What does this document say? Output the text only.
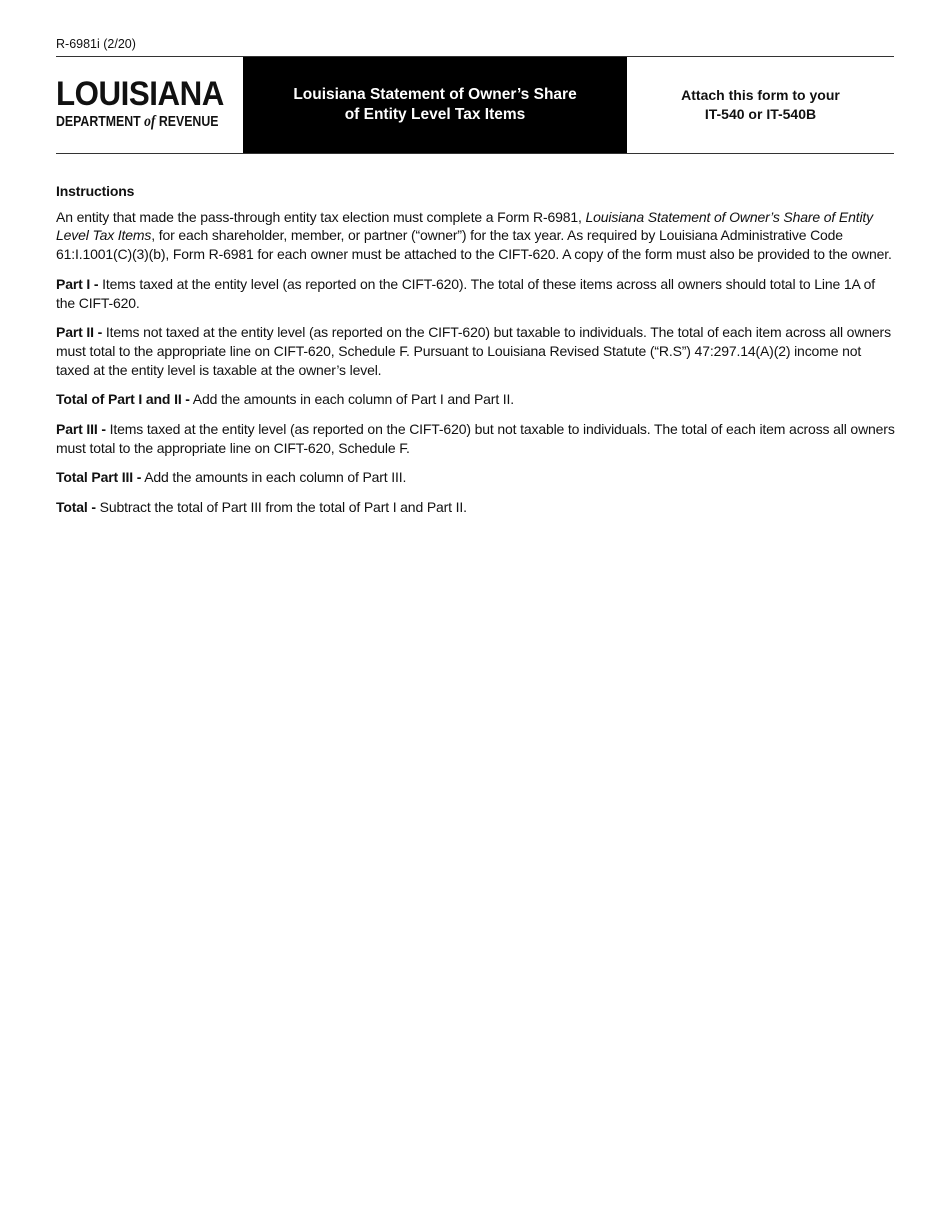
R-6981i (2/20)
LOUISIANA
DEPARTMENT of REVENUE
Louisiana Statement of Owner’s Share
of Entity Level Tax Items
Attach this form to your
IT-540 or IT-540B
Instructions

An entity that made the pass-through entity tax election must complete a Form R-6981, Louisiana Statement of Owner’s Share of Entity Level Tax Items, for each shareholder, member, or partner (“owner”) for the tax year. As required by Louisiana Administrative Code 61:I.1001(C)(3)(b), Form R-6981 for each owner must be attached to the CIFT-620. A copy of the form must also be provided to the owner.

Part I - Items taxed at the entity level (as reported on the CIFT-620). The total of these items across all owners should total to Line 1A of the CIFT-620.

Part II - Items not taxed at the entity level (as reported on the CIFT-620) but taxable to individuals. The total of each item across all owners must total to the appropriate line on CIFT-620, Schedule F. Pursuant to Louisiana Revised Statute (“R.S”) 47:297.14(A)(2) income not taxed at the entity level is taxable at the owner’s level.

Total of Part I and II - Add the amounts in each column of Part I and Part II.

Part III - Items taxed at the entity level (as reported on the CIFT-620) but not taxable to individuals. The total of each item across all owners must total to the appropriate line on CIFT-620, Schedule F.

Total Part III - Add the amounts in each column of Part III.

Total - Subtract the total of Part III from the total of Part I and Part II.
